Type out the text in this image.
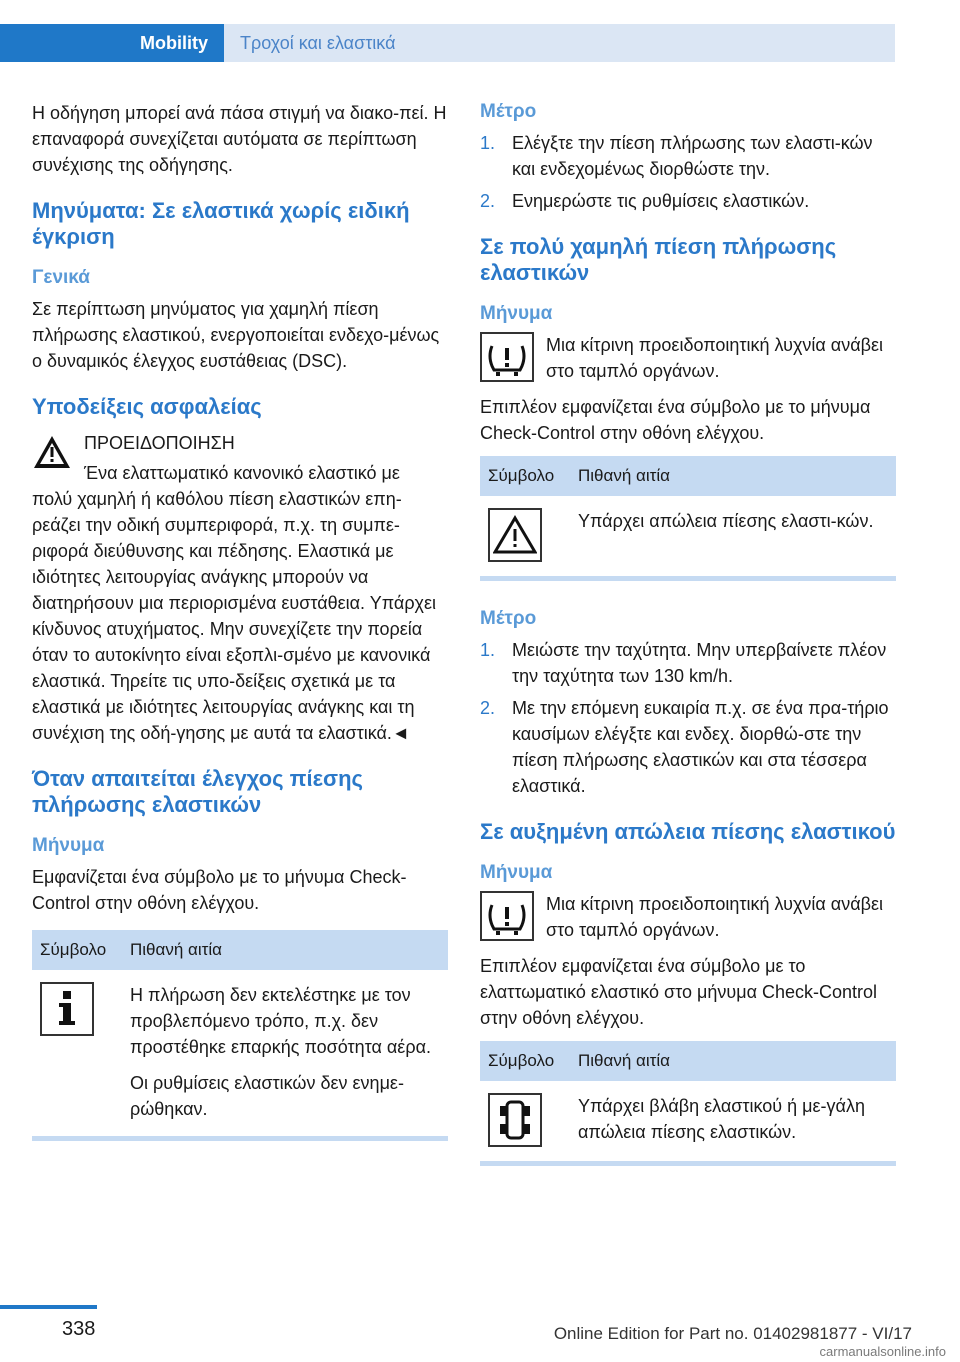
Mobility Τροχοί και ελαστικά

Η οδήγηση μπορεί ανά πάσα στιγμή να διακο‐πεί. Η επαναφορά συνεχίζεται αυτόματα σε περίπτωση συνέχισης της οδήγησης.

Μηνύματα: Σε ελαστικά χωρίς ειδική έγκριση
Γενικά

Σε περίπτωση μηνύματος για χαμηλή πίεση πλήρωσης ελαστικού, ενεργοποιείται ενδεχο‐μένως ο δυναμικός έλεγχος ευστάθειας (DSC).

Υποδείξεις ασφαλείας

ΠΡΟΕΙΔΟΠΟΙΗΣΗ

Ένα ελαττωματικό κανονικό ελαστικό με

πολύ χαμηλή ή καθόλου πίεση ελαστικών επη‐ρεάζει την οδική συμπεριφορά, π.χ. τη συμπε‐ριφορά διεύθυνσης και πέδησης. Ελαστικά με ιδιότητες λειτουργίας ανάγκης μπορούν να διατηρήσουν μια περιορισμένα ευστάθεια. Υπάρχει κίνδυνος ατυχήματος. Μην συνεχίζετε την πορεία όταν το αυτοκίνητο είναι εξοπλι‐σμένο με κανονικά ελαστικά. Τηρείτε τις υπο‐δείξεις σχετικά με τα ελαστικά με ιδιότητες λειτουργίας ανάγκης και τη συνέχιση της οδή‐γησης με αυτά τα ελαστικά.◄

Όταν απαιτείται έλεγχος πίεσης πλήρωσης ελαστικών
Μήνυμα

Εμφανίζεται ένα σύμβολο με το μήνυμα Check-Control στην οθόνη ελέγχου.

Σύμβολο	Πιθανή αιτία

Η πλήρωση δεν εκτελέστηκε με τον προβλεπόμενο τρόπο, π.χ. δεν προστέθηκε επαρκής ποσότητα αέρα.

Οι ρυθμίσεις ελαστικών δεν ενημε‐ρώθηκαν.

Μέτρο
1. Ελέγξτε την πίεση πλήρωσης των ελαστι‐κών και ενδεχομένως διορθώστε την.
2. Ενημερώστε τις ρυθμίσεις ελαστικών.
Σε πολύ χαμηλή πίεση πλήρωσης ελαστικών
Μήνυμα

Μια κίτρινη προειδοποιητική λυχνία ανάβει στο ταμπλό οργάνων.

Επιπλέον εμφανίζεται ένα σύμβολο με το μήνυμα Check-Control στην οθόνη ελέγχου.

Σύμβολο	Πιθανή αιτία

Υπάρχει απώλεια πίεσης ελαστι‐κών.

Μέτρο
1. Μειώστε την ταχύτητα. Μην υπερβαίνετε πλέον την ταχύτητα των 130 km/h.
2. Με την επόμενη ευκαιρία π.χ. σε ένα πρα‐τήριο καυσίμων ελέγξτε και ενδεχ. διορθώ‐στε την πίεση πλήρωσης ελαστικών και στα τέσσερα ελαστικά.
Σε αυξημένη απώλεια πίεσης ελαστικού
Μήνυμα

Μια κίτρινη προειδοποιητική λυχνία ανάβει στο ταμπλό οργάνων.

Επιπλέον εμφανίζεται ένα σύμβολο με το ελαττωματικό ελαστικό στο μήνυμα Check-Control στην οθόνη ελέγχου.

Σύμβολο	Πιθανή αιτία

Υπάρχει βλάβη ελαστικού ή με‐γάλη απώλεια πίεσης ελαστικών.

338	Online Edition for Part no. 01402981877 - VI/17
carmanualsonline.info
